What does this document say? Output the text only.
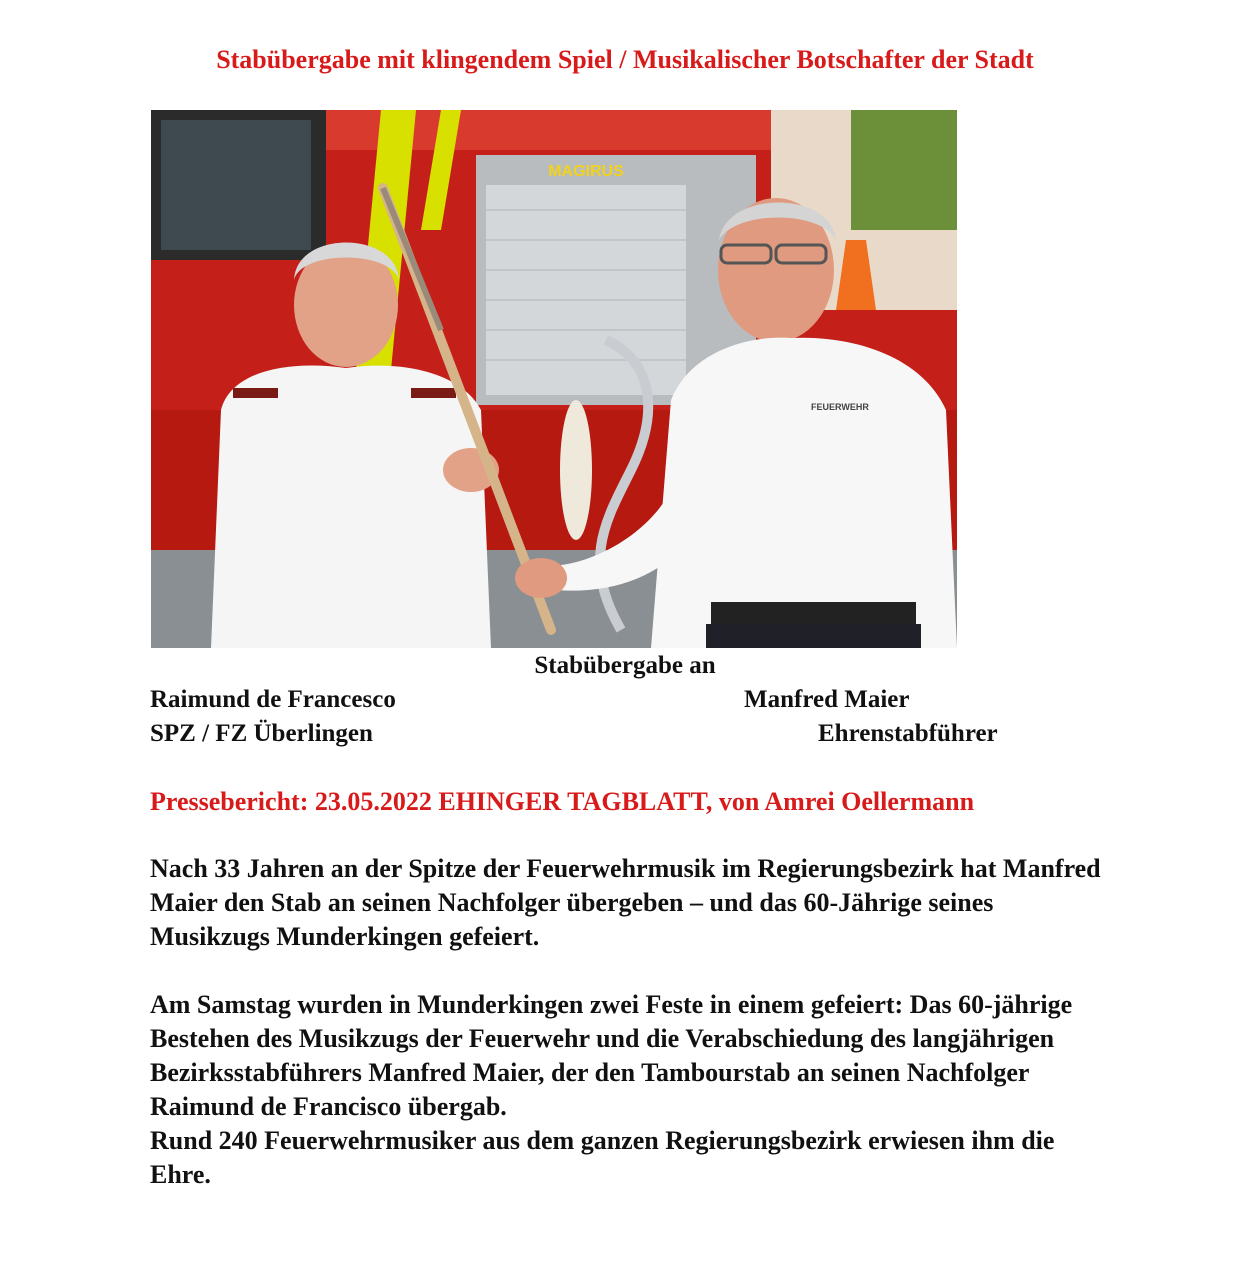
Stabübergabe mit klingendem Spiel / Musikalischer Botschafter der Stadt
MAGIRUS
FEUERWEHR
Stabübergabe an
Raimund de Francesco	Manfred Maier
SPZ / FZ Überlingen	Ehrenstabführer
Pressebericht: 23.05.2022 EHINGER TAGBLATT, von Amrei Oellermann

Nach 33 Jahren an der Spitze der Feuerwehrmusik im Regierungsbezirk hat Manfred Maier den Stab an seinen Nachfolger übergeben – und das 60-Jährige seines Musikzugs Munderkingen gefeiert.

Am Samstag wurden in Munderkingen zwei Feste in einem gefeiert: Das 60-jährige Bestehen des Musikzugs der Feuerwehr und die Verabschiedung des langjährigen Bezirksstabführers Manfred Maier, der den Tambourstab an seinen Nachfolger Raimund de Francisco übergab.

Rund 240 Feuerwehrmusiker aus dem ganzen Regierungsbezirk erwiesen ihm die Ehre.
